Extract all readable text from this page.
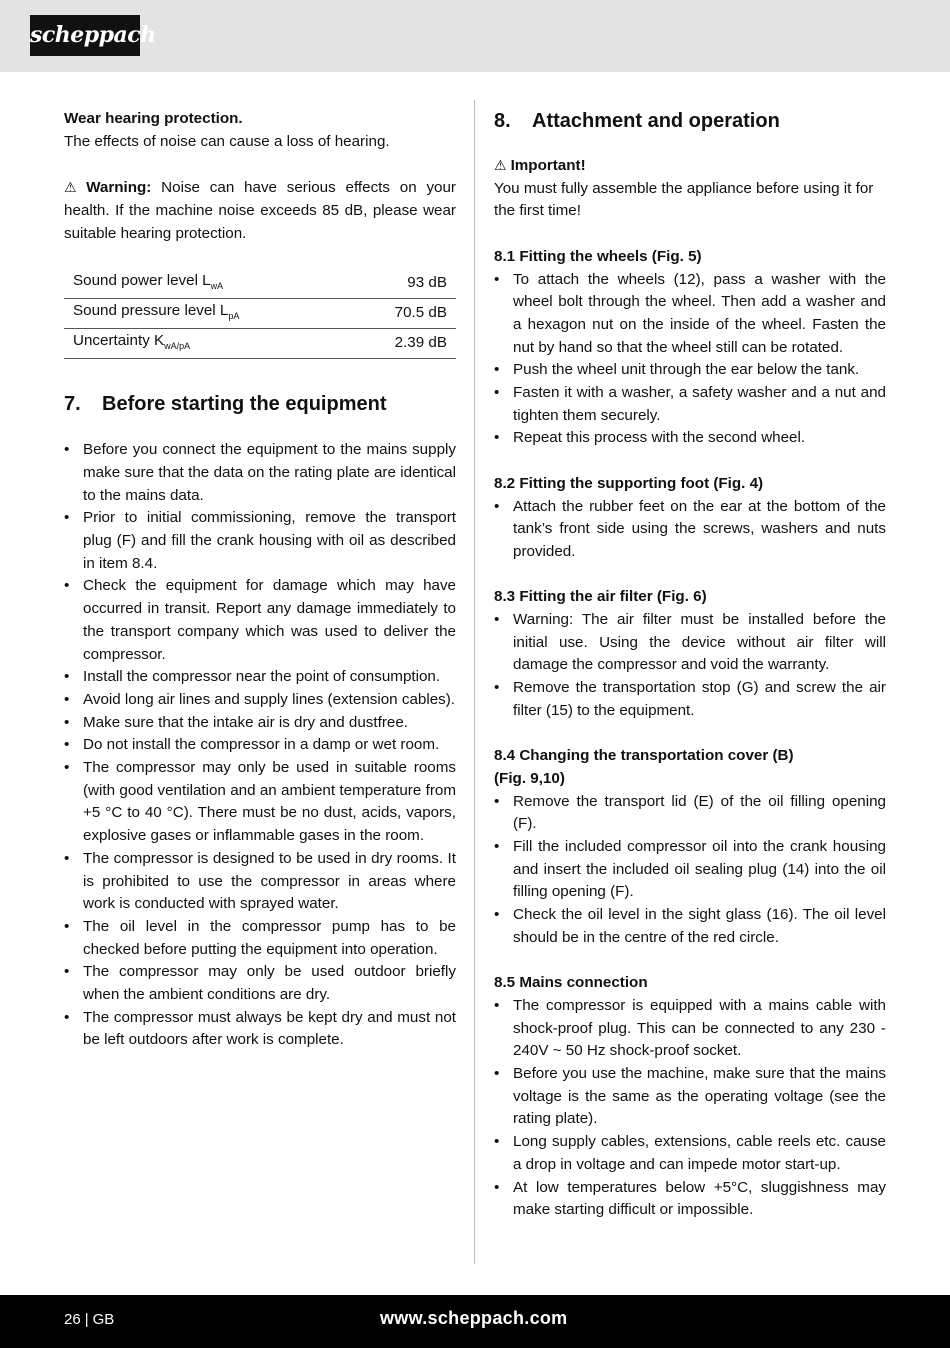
scheppach

Wear hearing protection.

The effects of noise can cause a loss of hearing.

⚠ Warning: Noise can have serious effects on your health. If the machine noise exceeds 85 dB, please wear suitable hearing protection.

Sound power level $L_{wA}$	93 dB
Sound pressure level $L_{pA}$	70.5 dB
Uncertainty $K_{wA/pA}$	2.39 dB
7.	Before starting the equipment
• Before you connect the equipment to the mains supply make sure that the data on the rating plate are identical to the mains data.
• Prior to initial commissioning, remove the transport plug (F) and fill the crank housing with oil as described in item 8.4.
• Check the equipment for damage which may have occurred in transit. Report any damage immediately to the transport company which was used to deliver the compressor.
• Install the compressor near the point of consumption.
• Avoid long air lines and supply lines (extension cables).
• Make sure that the intake air is dry and dustfree.
• Do not install the compressor in a damp or wet room.
• The compressor may only be used in suitable rooms (with good ventilation and an ambient temperature from +5 °C to 40 °C). There must be no dust, acids, vapors, explosive gases or inflammable gases in the room.
• The compressor is designed to be used in dry rooms. It is prohibited to use the compressor in areas where work is conducted with sprayed water.
• The oil level in the compressor pump has to be checked before putting the equipment into operation.
• The compressor may only be used outdoor briefly when the ambient conditions are dry.
• The compressor must always be kept dry and must not be left outdoors after work is complete.
8.	Attachment and operation

⚠ Important!

You must fully assemble the appliance before using it for the first time!

8.1 Fitting the wheels (Fig. 5)

• To attach the wheels (12), pass a washer with the wheel bolt through the wheel. Then add a washer and a hexagon nut on the inside of the wheel. Fasten the nut by hand so that the wheel still can be rotated.
• Push the wheel unit through the ear below the tank.
• Fasten it with a washer, a safety washer and a nut and tighten them securely.
• Repeat this process with the second wheel.

8.2 Fitting the supporting foot (Fig. 4)

• Attach the rubber feet on the ear at the bottom of the tank’s front side using the screws, washers and nuts provided.

8.3 Fitting the air filter (Fig. 6)

• Warning: The air filter must be installed before the initial use. Using the device without air filter will damage the compressor and void the warranty.
• Remove the transportation stop (G) and screw the air filter (15) to the equipment.

8.4 Changing the transportation cover (B)

(Fig. 9,10)

• Remove the transport lid (E) of the oil filling opening (F).
• Fill the included compressor oil into the crank housing and insert the included oil sealing plug (14) into the oil filling opening (F).
• Check the oil level in the sight glass (16). The oil level should be in the centre of the red circle.

8.5 Mains connection

• The compressor is equipped with a mains cable with shock-proof plug. This can be connected to any 230 - 240V ~ 50 Hz shock-proof socket.
• Before you use the machine, make sure that the mains voltage is the same as the operating voltage (see the rating plate).
• Long supply cables, extensions, cable reels etc. cause a drop in voltage and can impede motor start-up.
• At low temperatures below +5°C, sluggishness may make starting difficult or impossible.
26 | GB	www.scheppach.com
